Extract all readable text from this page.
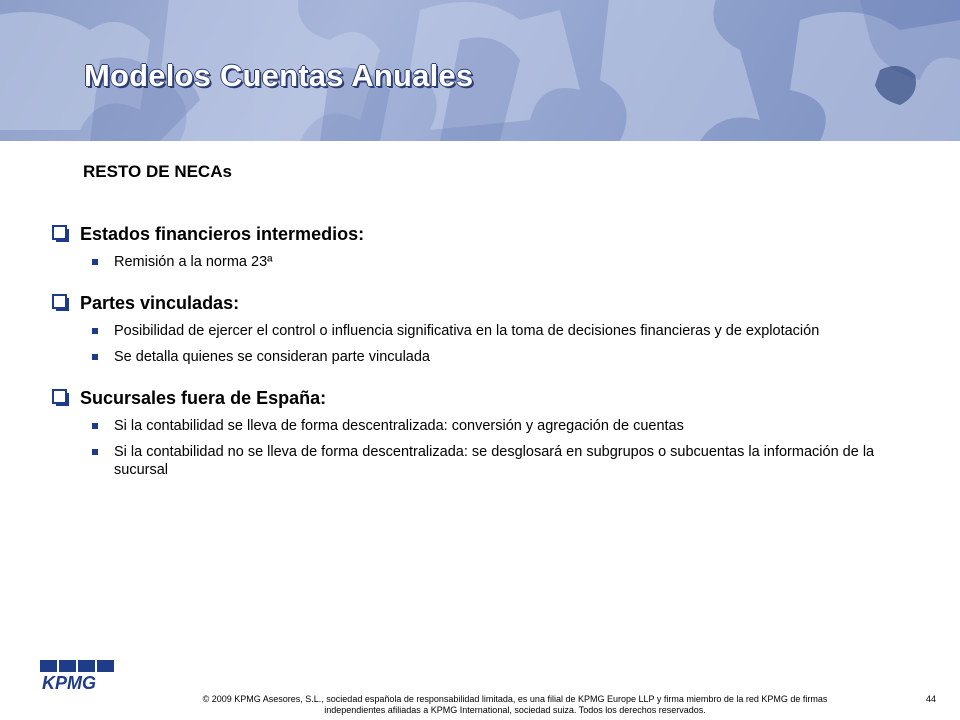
Modelos Cuentas Anuales
RESTO DE NECAs
Estados financieros intermedios:
Remisión a la norma 23ª
Partes vinculadas:
Posibilidad de ejercer el control o influencia significativa en la toma de decisiones financieras y de explotación
Se detalla quienes se consideran parte vinculada
Sucursales fuera de España:
Si la contabilidad se lleva de forma descentralizada: conversión y agregación de cuentas
Si la contabilidad no se lleva de forma descentralizada: se desglosará en subgrupos o subcuentas la información de la sucursal
KPMG
© 2009 KPMG Asesores, S.L., sociedad española de responsabilidad limitada, es una filial de KPMG Europe LLP y firma miembro de la red KPMG de firmas
independientes afiliadas a KPMG International, sociedad suiza. Todos los derechos reservados.
44
